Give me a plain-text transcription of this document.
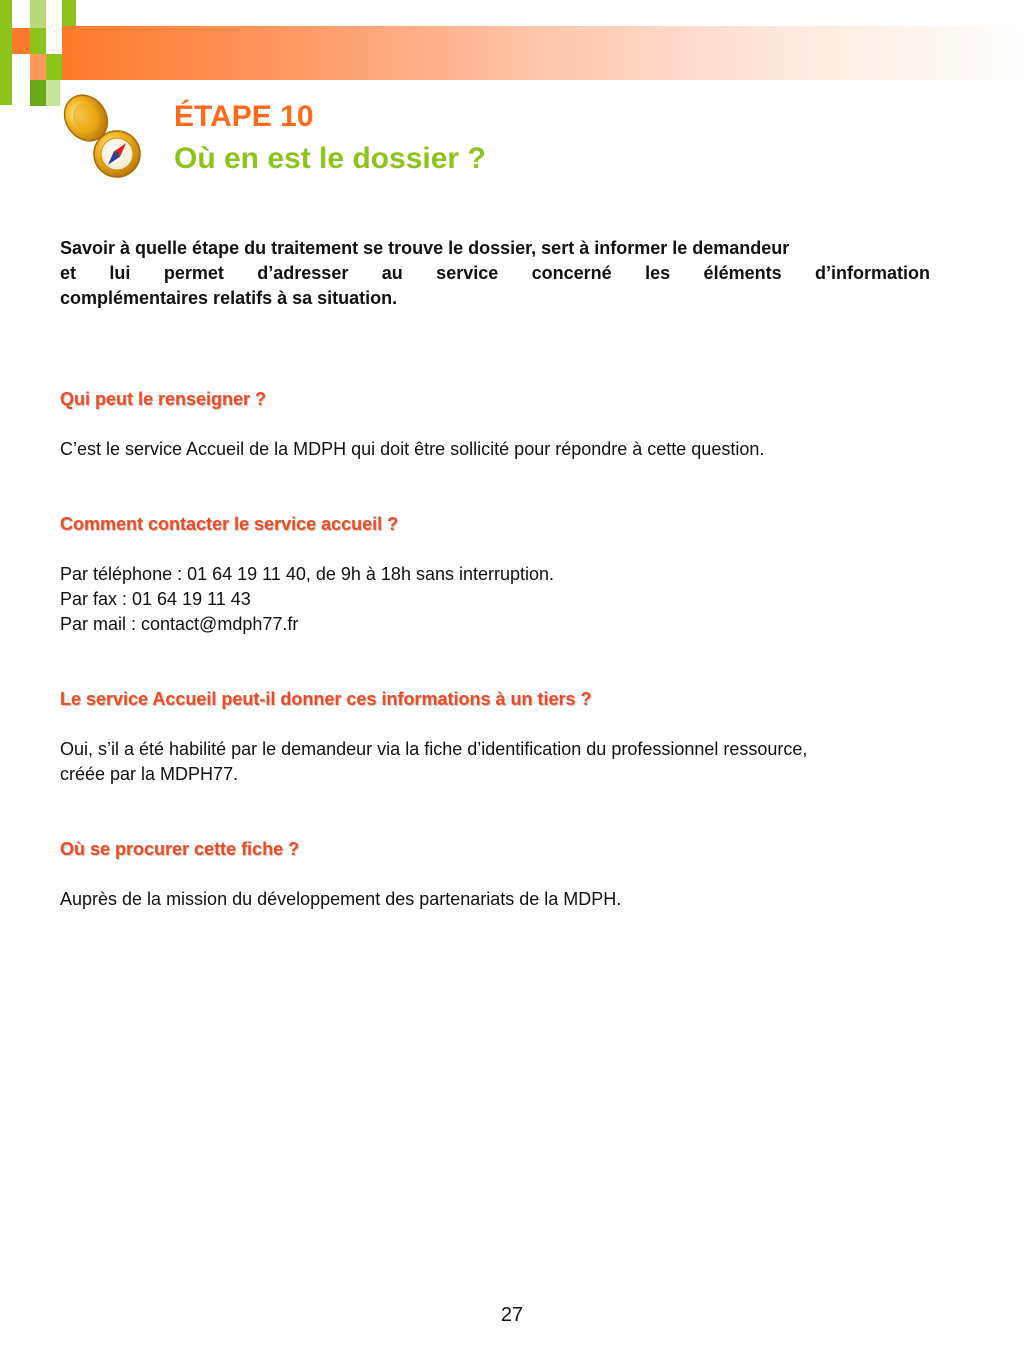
ÉTAPE 10
Où en est le dossier ?
Savoir à quelle étape du traitement se trouve le dossier, sert à informer le demandeur
et lui permet d’adresser au service concerné les éléments d’information
complémentaires relatifs à sa situation.
Qui peut le renseigner ?
C’est le service Accueil de la MDPH qui doit être sollicité pour répondre à cette question.
Comment contacter le service accueil ?
Par téléphone : 01 64 19 11 40, de 9h à 18h sans interruption.
Par fax : 01 64 19 11 43
Par mail : contact@mdph77.fr
Le service Accueil peut-il donner ces informations à un tiers ?
Oui, s’il a été habilité par le demandeur via la fiche d’identification du professionnel ressource,
créée par la MDPH77.
Où se procurer cette fiche ?
Auprès de la mission du développement des partenariats de la MDPH.
27
